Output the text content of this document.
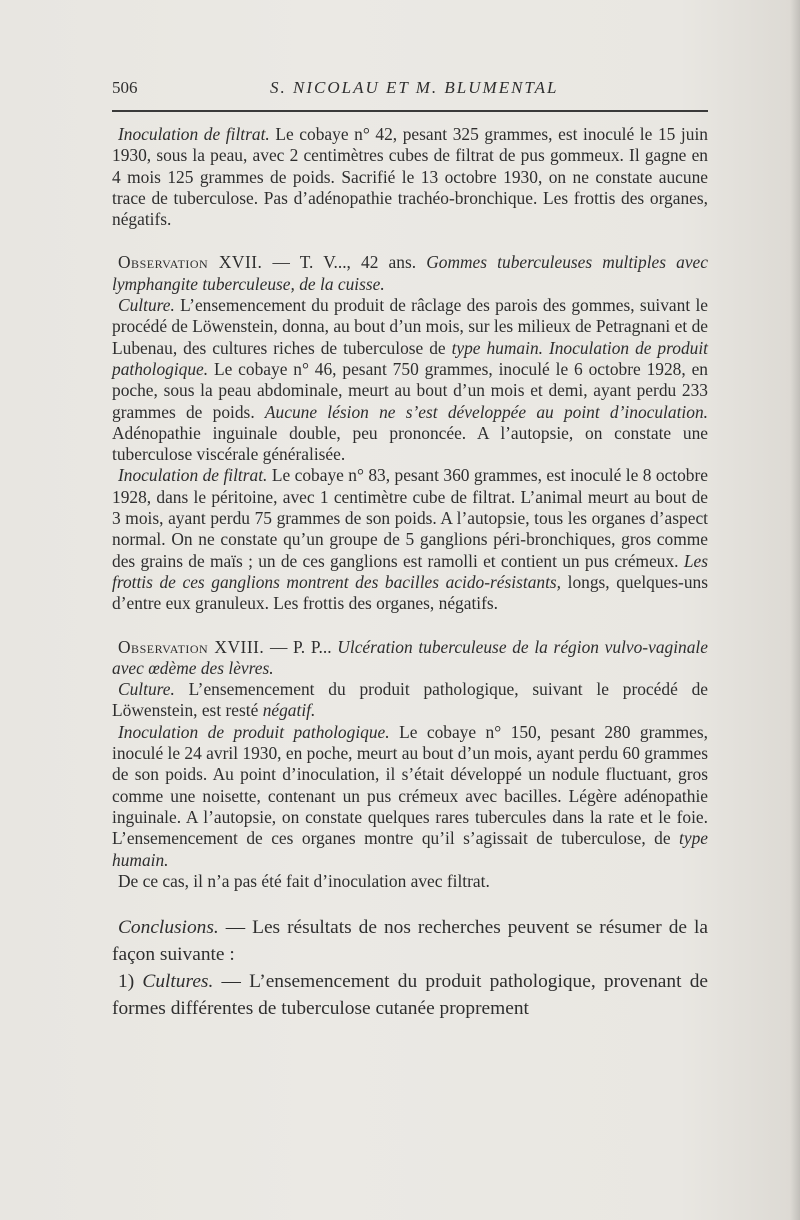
506	S. NICOLAU ET M. BLUMENTAL

Inoculation de filtrat. Le cobaye n° 42, pesant 325 grammes, est inoculé le 15 juin 1930, sous la peau, avec 2 centimètres cubes de filtrat de pus gommeux. Il gagne en 4 mois 125 grammes de poids. Sacrifié le 13 octobre 1930, on ne constate aucune trace de tuberculose. Pas d’adénopathie trachéo-bronchique. Les frottis des organes, négatifs.

Observation XVII. — T. V..., 42 ans. Gommes tuberculeuses multiples avec lymphangite tuberculeuse, de la cuisse.

Culture. L’ensemencement du produit de râclage des parois des gommes, suivant le procédé de Löwenstein, donna, au bout d’un mois, sur les milieux de Petragnani et de Lubenau, des cultures riches de tuberculose de type humain. Inoculation de produit pathologique. Le cobaye n° 46, pesant 750 grammes, inoculé le 6 octobre 1928, en poche, sous la peau abdominale, meurt au bout d’un mois et demi, ayant perdu 233 grammes de poids. Aucune lésion ne s’est développée au point d’inoculation. Adénopathie inguinale double, peu prononcée. A l’autopsie, on constate une tuberculose viscérale généralisée.

Inoculation de filtrat. Le cobaye n° 83, pesant 360 grammes, est inoculé le 8 octobre 1928, dans le péritoine, avec 1 centimètre cube de filtrat. L’animal meurt au bout de 3 mois, ayant perdu 75 grammes de son poids. A l’autopsie, tous les organes d’aspect normal. On ne constate qu’un groupe de 5 ganglions péri-bronchiques, gros comme des grains de maïs ; un de ces ganglions est ramolli et contient un pus crémeux. Les frottis de ces ganglions montrent des bacilles acido-résistants, longs, quelques-uns d’entre eux granuleux. Les frottis des organes, négatifs.

Observation XVIII. — P. P... Ulcération tuberculeuse de la région vulvo-vaginale avec œdème des lèvres.

Culture. L’ensemencement du produit pathologique, suivant le procédé de Löwenstein, est resté négatif.

Inoculation de produit pathologique. Le cobaye n° 150, pesant 280 grammes, inoculé le 24 avril 1930, en poche, meurt au bout d’un mois, ayant perdu 60 grammes de son poids. Au point d’inoculation, il s’était développé un nodule fluctuant, gros comme une noisette, contenant un pus crémeux avec bacilles. Légère adénopathie inguinale. A l’autopsie, on constate quelques rares tubercules dans la rate et le foie. L’ensemencement de ces organes montre qu’il s’agissait de tuberculose, de type humain.

De ce cas, il n’a pas été fait d’inoculation avec filtrat.

Conclusions. — Les résultats de nos recherches peuvent se résumer de la façon suivante :

1) Cultures. — L’ensemencement du produit pathologique, provenant de formes différentes de tuberculose cutanée proprement
